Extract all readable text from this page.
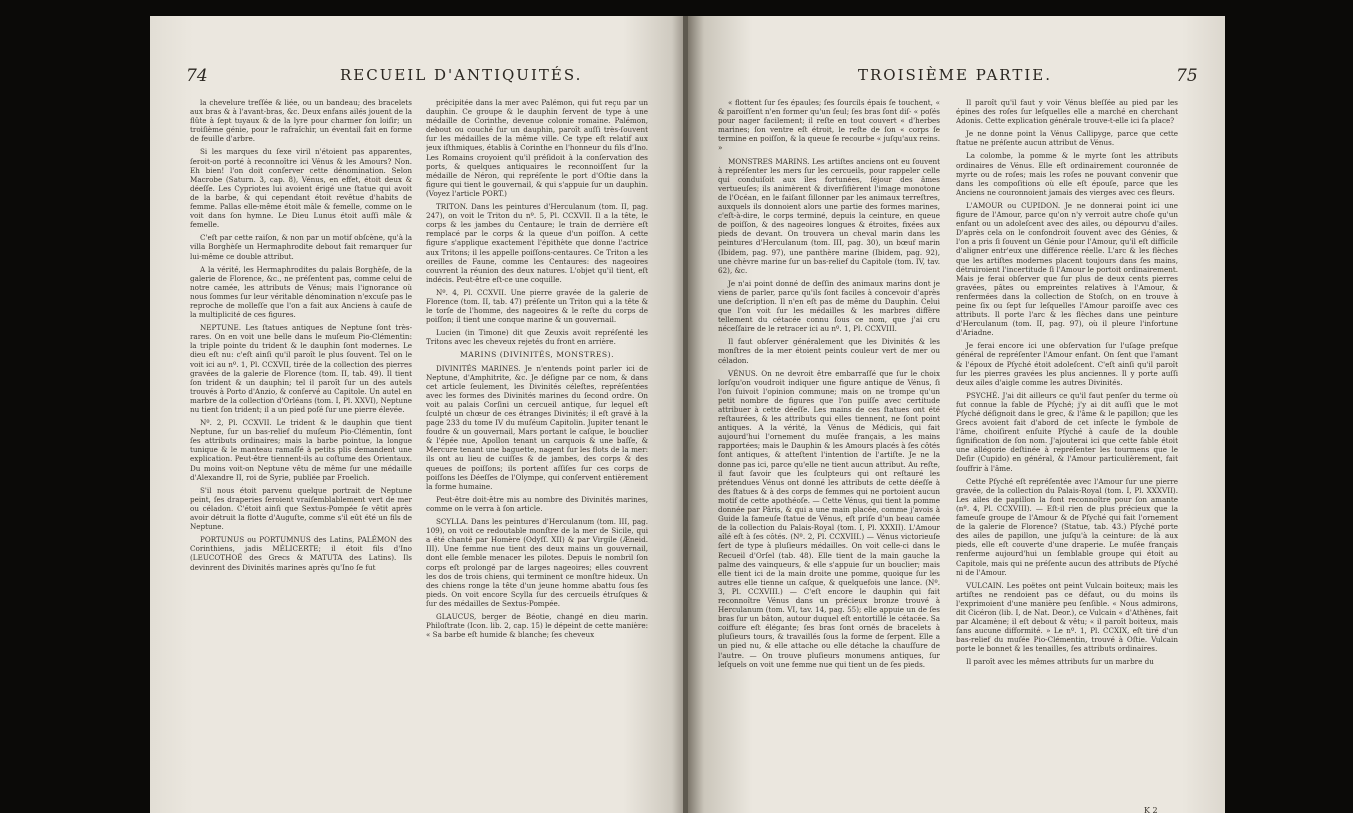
74	RECUEIL D'ANTIQUITÉS.

la chevelure treſſée & liée, ou un bandeau; des bracelets aux bras & à l'avant-bras, &c. Deux enfans ailés jouent de la flûte à ſept tuyaux & de la lyre pour charmer ſon loiſir; un troiſième génie, pour le rafraîchir, un éventail fait en forme de feuille d'arbre.

Si les marques du ſexe viril n'étoient pas apparentes, ſeroit-on porté à reconnoître ici Vénus & les Amours? Non. Eh bien! l'on doit conſerver cette dénomination. Selon Macrobe (Saturn. 3, cap. 8), Vénus, en effet, étoit deux & déeſſe. Les Cypriotes lui avoient érigé une ſtatue qui avoit de la barbe, & qui cependant étoit revêtue d'habits de femme. Pallas elle-même étoit mâle & femelle, comme on le voit dans ſon hymne. Le Dieu Lunus étoit auſſi mâle & femelle.

C'eſt par cette raiſon, & non par un motif obſcène, qu'à la villa Borghèſe un Hermaphrodite debout fait remarquer ſur lui-même ce double attribut.

A la vérité, les Hermaphrodites du palais Borghèſe, de la galerie de Florence, &c., ne préſentent pas, comme celui de notre camée, les attributs de Vénus; mais l'ignorance où nous ſommes ſur leur véritable dénomination n'excuſe pas le reproche de molleſſe que l'on a fait aux Anciens à cauſe de la multiplicité de ces figures.

NEPTUNE. Les ſtatues antiques de Neptune ſont très-rares. On en voit une belle dans le muſeum Pio-Clémentin: la triple pointe du trident & le dauphin ſont modernes. Le dieu eſt nu: c'eſt ainſi qu'il paroît le plus ſouvent. Tel on le voit ici au nº. 1, Pl. CCXVII, tirée de la collection des pierres gravées de la galerie de Florence (tom. II, tab. 49). Il tient ſon trident & un dauphin; tel il paroît ſur un des autels trouvés à Porto d'Anzio, & conſervé au Capitole. Un autel en marbre de la collection d'Orléans (tom. I, Pl. XXVI), Neptune nu tient ſon trident; il a un pied poſé ſur une pierre élevée.

Nº. 2, Pl. CCXVII. Le trident & le dauphin que tient Neptune, ſur un bas-relief du muſeum Pio-Clémentin, ſont ſes attributs ordinaires; mais la barbe pointue, la longue tunique & le manteau ramaſſé à petits plis demandent une explication. Peut-être tiennent-ils au coſtume des Orientaux. Du moins voit-on Neptune vêtu de même ſur une médaille d'Alexandre II, roi de Syrie, publiée par Froelich.

S'il nous étoit parvenu quelque portrait de Neptune peint, ſes draperies ſeroient vraiſemblablement vert de mer ou céladon. C'étoit ainſi que Sextus-Pompée ſe vêtit après avoir détruit la flotte d'Auguſte, comme s'il eût été un fils de Neptune.

PORTUNUS ou PORTUMNUS des Latins, PALÉMON des Corinthiens, jadis MÉLICERTE; il étoit fils d'Ino (LEUCOTHOÉ des Grecs & MATUTA des Latins). Ils devinrent des Divinités marines après qu'Ino ſe fut

précipitée dans la mer avec Palémon, qui fut reçu par un dauphin. Ce groupe & le dauphin ſervent de type à une médaille de Corinthe, devenue colonie romaine. Palémon, debout ou couché ſur un dauphin, paroît auſſi très-ſouvent ſur les médailles de la même ville. Ce type eſt relatif aux jeux iſthmiques, établis à Corinthe en l'honneur du fils d'Ino. Les Romains croyoient qu'il préſidoit à la conſervation des ports, & quelques antiquaires le reconnoiſſent ſur la médaille de Néron, qui repréſente le port d'Oſtie dans la figure qui tient le gouvernail, & qui s'appuie ſur un dauphin. (Voyez l'article PORT.)

TRITON. Dans les peintures d'Herculanum (tom. II, pag. 247), on voit le Triton du nº. 5, Pl. CCXVII. Il a la tête, le corps & les jambes du Centaure; le train de derrière eſt remplacé par le corps & la queue d'un poiſſon. A cette figure s'applique exactement l'épithète que donne l'actrice aux Tritons; il les appelle poiſſons-centaures. Ce Triton a les oreilles de Faune, comme les Centaures: des nageoires couvrent la réunion des deux natures. L'objet qu'il tient, eſt indécis. Peut-être eſt-ce une coquille.

Nº. 4, Pl. CCXVII. Une pierre gravée de la galerie de Florence (tom. II, tab. 47) préſente un Triton qui a la tête & le torſe de l'homme, des nageoires & le reſte du corps de poiſſon; il tient une conque marine & un gouvernail.

Lucien (in Timone) dit que Zeuxis avoit repréſenté les Tritons avec les cheveux rejetés du front en arrière.

MARINS (DIVINITÉS, MONSTRES).

DIVINITÉS MARINES. Je n'entends point parler ici de Neptune, d'Amphitrite, &c. Je déſigne par ce nom, & dans cet article ſeulement, les Divinités céleſtes, repréſentées avec les formes des Divinités marines du ſecond ordre. On voit au palais Corſini un cercueil antique, ſur lequel eſt ſculpté un chœur de ces étranges Divinités; il eſt gravé à la page 233 du tome IV du muſéum Capitolin. Jupiter tenant le foudre & un gouvernail, Mars portant le caſque, le bouclier & l'épée nue, Apollon tenant un carquois & une baſſe, & Mercure tenant une baguette, nagent ſur les flots de la mer: ils ont au lieu de cuiſſes & de jambes, des corps & des queues de poiſſons; ils portent aſſiſes ſur ces corps de poiſſons les Déeſſes de l'Olympe, qui conſervent entièrement la forme humaine.

Peut-être doit-être mis au nombre des Divinités marines, comme on le verra à ſon article.

SCYLLA. Dans les peintures d'Herculanum (tom. III, pag. 109), on voit ce redoutable monſtre de la mer de Sicile, qui a été chanté par Homère (Odyſſ. XII) & par Virgile (Æneid. III). Une femme nue tient des deux mains un gouvernail, dont elle ſemble menacer les pilotes. Depuis le nombril ſon corps eſt prolongé par de larges nageoires; elles couvrent les dos de trois chiens, qui terminent ce monſtre hideux. Un des chiens ronge la tête d'un jeune homme abattu ſous ſes pieds. On voit encore Scylla ſur des cercueils étruſques & ſur des médailles de Sextus-Pompée.

GLAUCUS, berger de Béotie, changé en dieu marin. Philoſtrate (Icon. lib. 2, cap. 15) le dépeint de cette manière: « Sa barbe eſt humide & blanche; ſes cheveux

TROISIÈME PARTIE.	75

« flottent ſur ſes épaules; ſes ſourcils épais ſe touchent, « & paroiſſent n'en former qu'un ſeul; ſes bras ſont diſ- « poſés pour nager facilement; il reſte en tout couvert « d'herbes marines; ſon ventre eſt étroit, le reſte de ſon « corps ſe termine en poiſſon, & la queue ſe recourbe « juſqu'aux reins. »

MONSTRES MARINS. Les artiſtes anciens ont eu ſouvent à repréſenter les mers ſur les cercueils, pour rappeler celle qui conduiſoit aux îles fortunées, ſéjour des âmes vertueuſes; ils animèrent & diverſifièrent l'image monotone de l'Océan, en le faiſant ſillonner par les animaux terreſtres, auxquels ils donnoient alors une partie des formes marines, c'eſt-à-dire, le corps terminé, depuis la ceinture, en queue de poiſſon, & des nageoires longues & étroites, fixées aux pieds de devant. On trouvera un cheval marin dans les peintures d'Herculanum (tom. III, pag. 30), un bœuf marin (Ibidem, pag. 97), une panthère marine (Ibidem, pag. 92), une chèvre marine ſur un bas-relief du Capitole (tom. IV, tav. 62), &c.

Je n'ai point donné de deſſin des animaux marins dont je viens de parler, parce qu'ils ſont faciles à concevoir d'après une deſcription. Il n'en eſt pas de même du Dauphin. Celui que l'on voit ſur les médailles & les marbres diffère tellement du cétacée connu ſous ce nom, que j'ai cru néceſſaire de le retracer ici au nº. 1, Pl. CCXVIII.

Il faut obſerver généralement que les Divinités & les monſtres de la mer étoient peints couleur vert de mer ou céladon.

VÉNUS. On ne devroit être embarraſſé que ſur le choix lorſqu'on voudroit indiquer une figure antique de Vénus, ſi l'on ſuivoit l'opinion commune; mais on ne trompe qu'un petit nombre de figures que l'on puiſſe avec certitude attribuer à cette déeſſe. Les mains de ces ſtatues ont été reſtaurées, & les attributs qui elles tiennent, ne ſont point antiques. A la vérité, la Vénus de Médicis, qui fait aujourd'hui l'ornement du muſée français, a les mains rapportées; mais le Dauphin & les Amours placés à ſes côtés ſont antiques, & atteſtent l'intention de l'artiſte. Je ne la donne pas ici, parce qu'elle ne tient aucun attribut. Au reſte, il faut ſavoir que les ſculpteurs qui ont reſtauré les prétendues Vénus ont donné les attributs de cette déeſſe à des ſtatues & à des corps de femmes qui ne portoient aucun motif de cette apothéoſe. — Cette Vénus, qui tient la pomme donnée par Pâris, & qui a une main placée, comme j'avois à Guide la fameuſe ſtatue de Vénus, eſt priſe d'un beau camée de la collection du Palais-Royal (tom. I, Pl. XXXII). L'Amour aîlé eſt à ſes côtés. (Nº. 2, Pl. CCXVIII.) — Vénus victorieuſe ſert de type à pluſieurs médailles. On voit celle-ci dans le Recueil d'Orſel (tab. 48). Elle tient de la main gauche la palme des vainqueurs, & elle s'appuie ſur un bouclier; mais elle tient ici de la main droite une pomme, quoique ſur les autres elle tienne un caſque, & quelquefois une lance. (Nº. 3, Pl. CCXVIII.) — C'eſt encore le dauphin qui fait reconnoître Vénus dans un précieux bronze trouvé à Herculanum (tom. VI, tav. 14, pag. 55); elle appuie un de ſes bras ſur un bâton, autour duquel eſt entortillé le cétacée. Sa coiffure eſt élégante; ſes bras ſont ornés de bracelets à pluſieurs tours, & travaillés ſous la forme de ſerpent. Elle a un pied nu, & elle attache ou elle détache la chauſſure de l'autre. — On trouve pluſieurs monumens antiques, ſur leſquels on voit une femme nue qui tient un de ſes pieds.

Il paroît qu'il faut y voir Vénus bleſſée au pied par les épines des roſes ſur leſquelles elle a marché en cherchant Adonis. Cette explication générale trouve-t-elle ici ſa place?

Je ne donne point la Vénus Callipyge, parce que cette ſtatue ne préſente aucun attribut de Vénus.

La colombe, la pomme & le myrte ſont les attributs ordinaires de Vénus. Elle eſt ordinairement couronnée de myrte ou de roſes; mais les roſes ne pouvant convenir que dans les compoſitions où elle eſt épouſe, parce que les Anciens ne couronnoient jamais des vierges avec ces fleurs.

L'AMOUR ou CUPIDON. Je ne donnerai point ici une figure de l'Amour, parce qu'on n'y verroit autre choſe qu'un enfant ou un adoleſcent avec des ailes, ou dépourvu d'ailes. D'après cela on le confondroit ſouvent avec des Génies, & l'on a pris ſi ſouvent un Génie pour l'Amour, qu'il eſt difficile d'aligner entr'eux une différence réelle. L'arc & les flèches que les artiſtes modernes placent toujours dans ſes mains, détruiroient l'incertitude ſi l'Amour le portoit ordinairement. Mais je ferai obſerver que ſur plus de deux cents pierres gravées, pâtes ou empreintes relatives à l'Amour, & renfermées dans la collection de Stoſch, on en trouve à peine ſix ou ſept ſur leſquelles l'Amour paroiſſe avec ces attributs. Il porte l'arc & les flèches dans une peinture d'Herculanum (tom. II, pag. 97), où il pleure l'infortune d'Ariadne.

Je ferai encore ici une obſervation ſur l'uſage preſque général de repréſenter l'Amour enfant. On ſent que l'amant & l'époux de Pſyché étoit adoleſcent. C'eſt ainſi qu'il paroît ſur les pierres gravées les plus anciennes. Il y porte auſſi deux ailes d'aigle comme les autres Divinités.

PSYCHÉ. J'ai dit ailleurs ce qu'il faut penſer du terme où fut connue la fable de Pſyché; j'y ai dit auſſi que le mot Pſyché déſignoit dans le grec, & l'âme & le papillon; que les Grecs avoient fait d'abord de cet inſecte le ſymbole de l'âme, choiſirent enſuite Pſyché à cauſe de la double ſignification de ſon nom. J'ajouterai ici que cette fable étoit une allégorie deſtinée à repréſenter les tourmens que le Deſir (Cupido) en général, & l'Amour particulièrement, fait ſouffrir à l'âme.

Cette Pſyché eſt repréſentée avec l'Amour ſur une pierre gravée, de la collection du Palais-Royal (tom. I, Pl. XXXVII). Les ailes de papillon la font reconnoître pour ſon amante (nº. 4, Pl. CCXVIII). — Eſt-il rien de plus précieux que la fameuſe groupe de l'Amour & de Pſyché qui fait l'ornement de la galerie de Florence? (Statue, tab. 43.) Pſyché porte des ailes de papillon, une juſqu'à la ceinture: de là aux pieds, elle eſt couverte d'une draperie. Le muſée français renferme aujourd'hui un ſemblable groupe qui étoit au Capitole, mais qui ne préſente aucun des attributs de Pſyché ni de l'Amour.

VULCAIN. Les poëtes ont peint Vulcain boiteux; mais les artiſtes ne rendoient pas ce défaut, ou du moins ils l'exprimoient d'une manière peu ſenſible. « Nous admirons, dit Cicéron (lib. I, de Nat. Deor.), ce Vulcain « d'Athènes, fait par Alcamène; il eſt debout & vêtu; « il paroît boiteux, mais ſans aucune difformité. » Le nº. 1, Pl. CCXIX, eſt tiré d'un bas-relief du muſée Pio-Clémentin, trouvé à Oſtie. Vulcain porte le bonnet & les tenailles, ſes attributs ordinaires.

Il paroît avec les mêmes attributs ſur un marbre du

K 2
